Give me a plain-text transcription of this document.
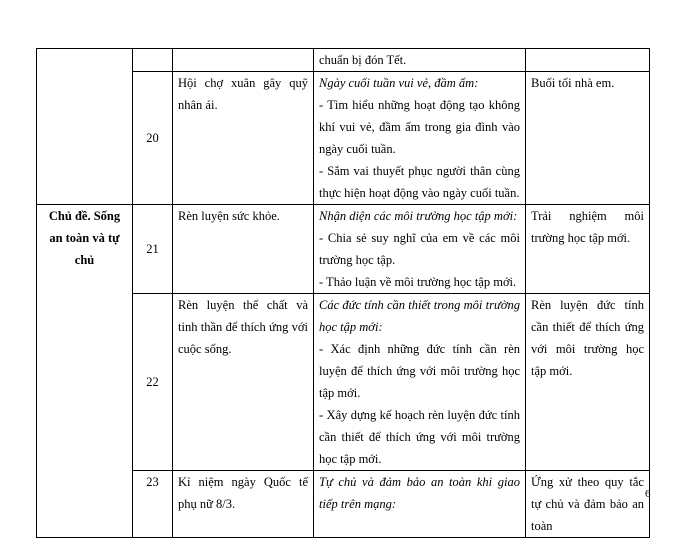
			chuẩn bị đón Tết.	

	20	Hội chợ xuân gây quỹ nhân ái.	Ngày cuối tuần vui vẻ, đầm ấm:

- Tìm hiểu những hoạt động tạo không khí vui vẻ, đầm ấm trong gia đình vào ngày cuối tuần.

- Sắm vai thuyết phục người thân cùng thực hiện hoạt động vào ngày cuối tuần.	Buổi tối nhà em.
Chủ đề. Sống an toàn và tự chủ	21	Rèn luyện sức khỏe.	Nhận diện các môi trường học tập mới:

- Chia sẻ suy nghĩ của em về các môi trường học tập.

- Thảo luận về môi trường học tập mới.	Trải nghiệm môi trường học tập mới.
	22	Rèn luyện thể chất và tinh thần để thích ứng với cuộc sống.	Các đức tính cần thiết trong môi trường học tập mới:

- Xác định những đức tính cần rèn luyện để thích ứng với môi trường học tập mới.

- Xây dựng kế hoạch rèn luyện đức tính cần thiết để thích ứng với môi trường học tập mới.	Rèn luyện đức tính cần thiết để thích ứng với môi trường học tập mới.
	23	Kỉ niệm ngày Quốc tế phụ nữ 8/3.	Tự chủ và đảm bảo an toàn khi giao tiếp trên mạng:	Ứng xử theo quy tắc tự chủ và đảm bảo an toàn
6
